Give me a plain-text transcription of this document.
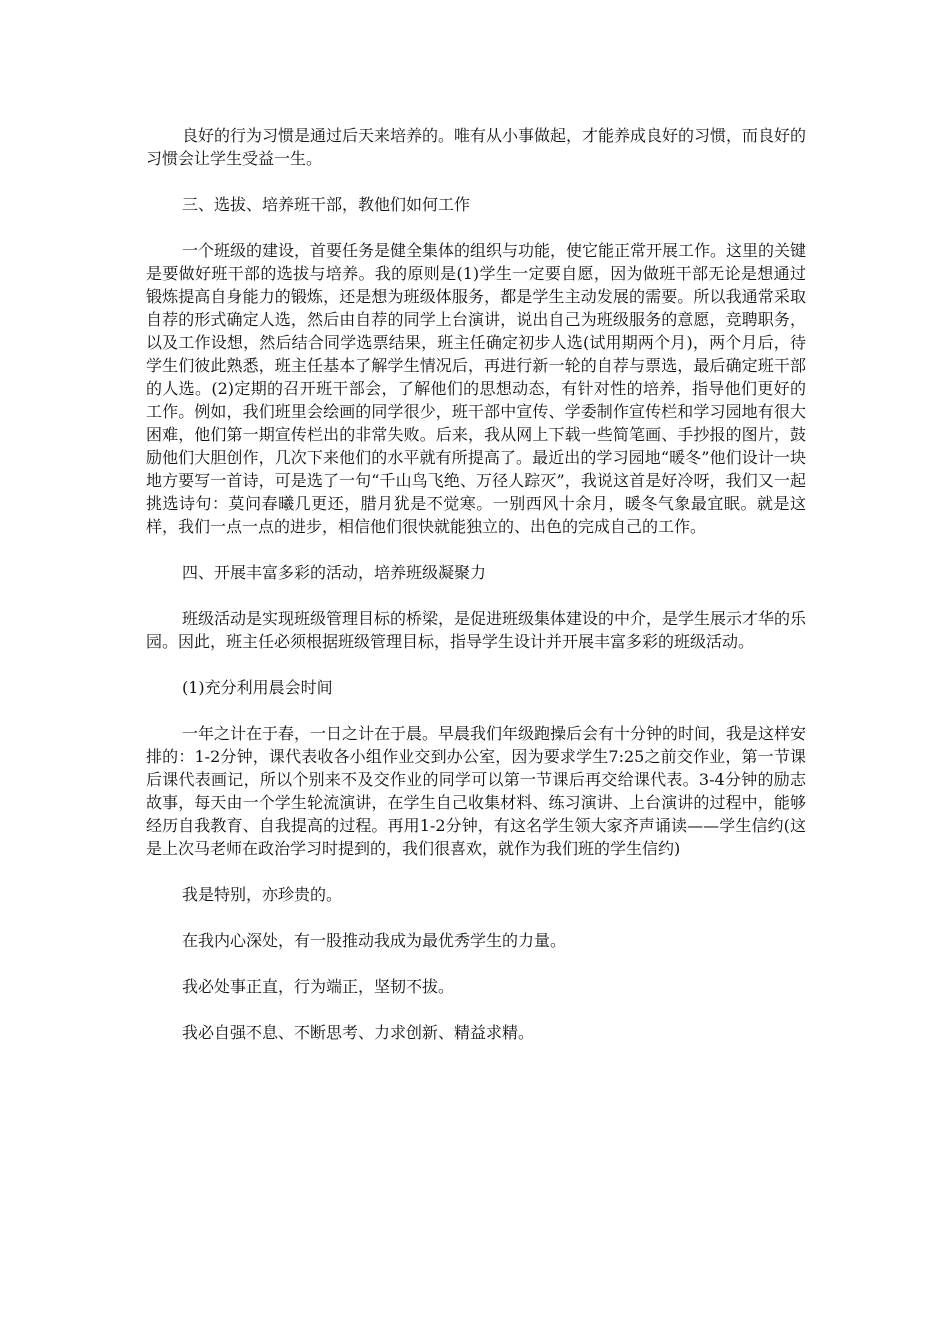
良好的行为习惯是通过后天来培养的。唯有从小事做起，才能养成良好的习惯，而良好的习惯会让学生受益一生。

三、选拔、培养班干部，教他们如何工作

一个班级的建设，首要任务是健全集体的组织与功能，使它能正常开展工作。这里的关键是要做好班干部的选拔与培养。我的原则是(1)学生一定要自愿，因为做班干部无论是想通过锻炼提高自身能力的锻炼，还是想为班级体服务，都是学生主动发展的需要。所以我通常采取自荐的形式确定人选，然后由自荐的同学上台演讲，说出自己为班级服务的意愿，竞聘职务，以及工作设想，然后结合同学选票结果，班主任确定初步人选(试用期两个月)，两个月后，待学生们彼此熟悉，班主任基本了解学生情况后，再进行新一轮的自荐与票选，最后确定班干部的人选。(2)定期的召开班干部会，了解他们的思想动态，有针对性的培养，指导他们更好的工作。例如，我们班里会绘画的同学很少，班干部中宣传、学委制作宣传栏和学习园地有很大困难，他们第一期宣传栏出的非常失败。后来，我从网上下载一些简笔画、手抄报的图片，鼓励他们大胆创作，几次下来他们的水平就有所提高了。最近出的学习园地“暖冬”他们设计一块地方要写一首诗，可是选了一句“千山鸟飞绝、万径人踪灭”，我说这首是好冷呀，我们又一起挑选诗句：莫问春曦几更还，腊月犹是不觉寒。一别西风十余月，暖冬气象最宜眠。就是这样，我们一点一点的进步，相信他们很快就能独立的、出色的完成自己的工作。

四、开展丰富多彩的活动，培养班级凝聚力

班级活动是实现班级管理目标的桥梁，是促进班级集体建设的中介，是学生展示才华的乐园。因此，班主任必须根据班级管理目标，指导学生设计并开展丰富多彩的班级活动。

(1)充分利用晨会时间

一年之计在于春，一日之计在于晨。早晨我们年级跑操后会有十分钟的时间，我是这样安排的：1-2分钟，课代表收各小组作业交到办公室，因为要求学生7:25之前交作业，第一节课后课代表画记，所以个别来不及交作业的同学可以第一节课后再交给课代表。3-4分钟的励志故事，每天由一个学生轮流演讲，在学生自己收集材料、练习演讲、上台演讲的过程中，能够经历自我教育、自我提高的过程。再用1-2分钟，有这名学生领大家齐声诵读——学生信约(这是上次马老师在政治学习时提到的，我们很喜欢，就作为我们班的学生信约)

我是特别，亦珍贵的。

在我内心深处，有一股推动我成为最优秀学生的力量。

我必处事正直，行为端正，坚韧不拔。

我必自强不息、不断思考、力求创新、精益求精。
